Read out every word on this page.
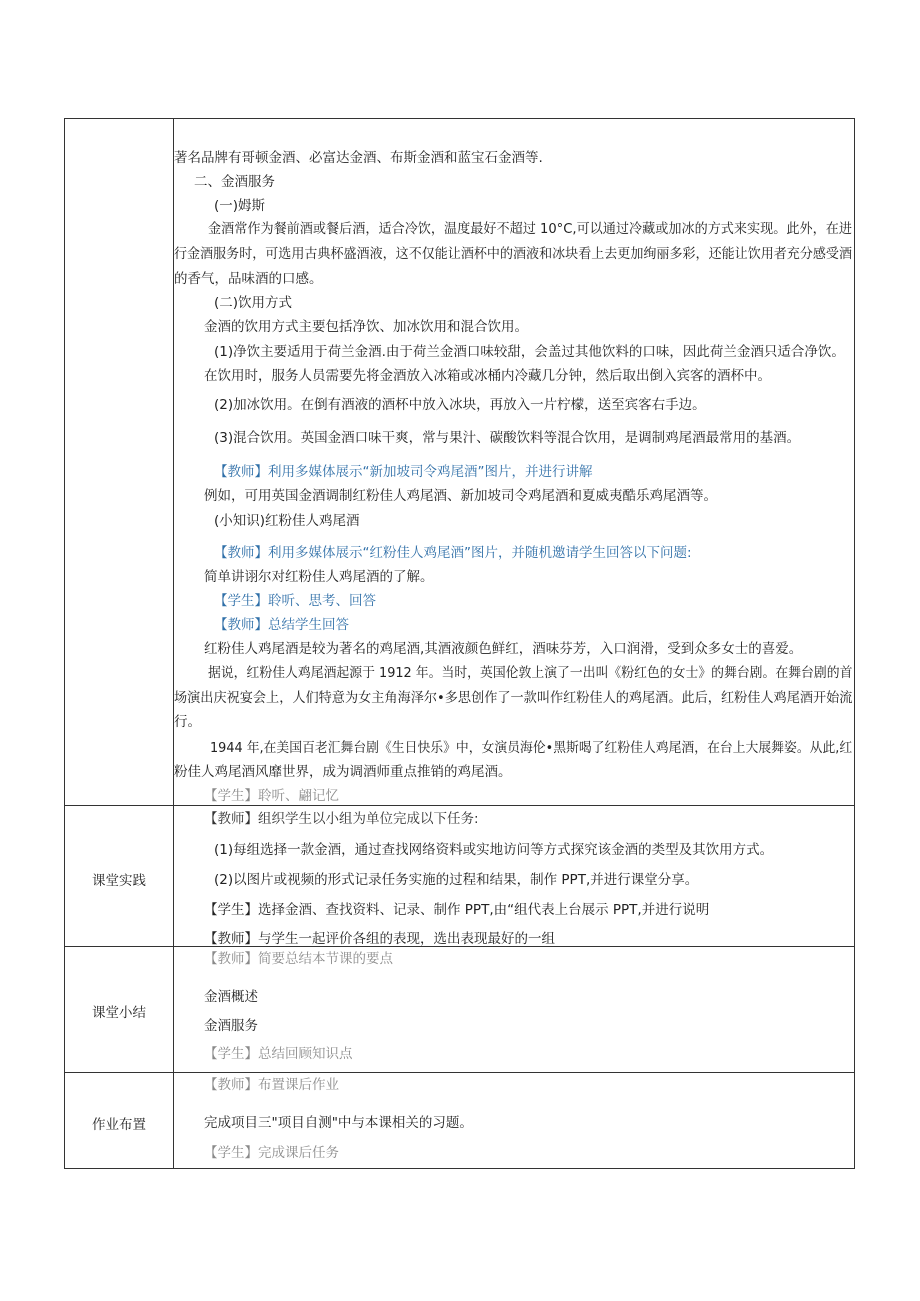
课堂实践
课堂小结
作业布置
著名品牌有哥顿金酒、必富达金酒、布斯金酒和蓝宝石金酒等.
二、金酒服务
(一)姆斯
金酒常作为餐前酒或餐后酒，适合冷饮，温度最好不超过 10°C,可以通过冷藏或加冰的方式来实现。此外，在进
行金酒服务时，可选用古典杯盛酒液，这不仅能让酒杯中的酒液和冰块看上去更加绚丽多彩，还能让饮用者充分感受酒
的香气，品味酒的口感。
(二)饮用方式
金酒的饮用方式主要包括净饮、加冰饮用和混合饮用。
(1)净饮主要适用于荷兰金酒.由于荷兰金酒口味较甜，会盖过其他饮料的口味，因此荷兰金酒只适合净饮。
在饮用时，服务人员需要先将金酒放入冰箱或冰桶内冷藏几分钟，然后取出倒入宾客的酒杯中。
(2)加冰饮用。在倒有酒液的酒杯中放入冰块，再放入一片柠檬，送至宾客右手边。
(3)混合饮用。英国金酒口味干爽，常与果汁、碳酸饮料等混合饮用，是调制鸡尾酒最常用的基酒。
【教师】利用多媒体展示“新加坡司令鸡尾酒”图片，并进行讲解
例如，可用英国金酒调制红粉佳人鸡尾酒、新加坡司令鸡尾酒和夏威夷酷乐鸡尾酒等。
(小知识)红粉佳人鸡尾酒
【教师】利用多媒体展示“红粉佳人鸡尾酒”图片，并随机邀请学生回答以下问题:
简单讲诩尔对红粉佳人鸡尾酒的了解。
【学生】聆听、思考、回答
【教师】总结学生回答
红粉佳人鸡尾酒是较为著名的鸡尾酒,其酒液颜色鲜红，酒味芬芳，入口润滑，受到众多女士的喜爱。
据说，红粉佳人鸡尾酒起源于 1912 年。当时，英国伦敦上演了一出叫《粉红色的女士》的舞台剧。在舞台剧的首
场演出庆祝宴会上，人们特意为女主角海泽尔•多思创作了一款叫作红粉佳人的鸡尾酒。此后，红粉佳人鸡尾酒开始流
行。
1944 年,在美国百老汇舞台剧《生日快乐》中，女演员海伦•黑斯喝了红粉佳人鸡尾酒，在台上大展舞姿。从此,红
粉佳人鸡尾酒风靡世界，成为调酒师重点推销的鸡尾酒。
【学生】聆听、翩记忆
【教师】组织学生以小组为单位完成以下任务:
(1)每组选择一款金酒，通过查找网络资料或实地访问等方式探究该金酒的类型及其饮用方式。
(2)以图片或视频的形式记录任务实施的过程和结果，制作 PPT,并进行课堂分享。
【学生】选择金酒、查找资料、记录、制作 PPT,由“组代表上台展示 PPT,并进行说明
【教师】与学生一起评价各组的表现，选出表现最好的一组
【教师】简要总结本节课的要点
金酒概述
金酒服务
【学生】总结回顾知识点
【教师】布置课后作业
完成项目三"项目自测"中与本课相关的习题。
【学生】完成课后任务
